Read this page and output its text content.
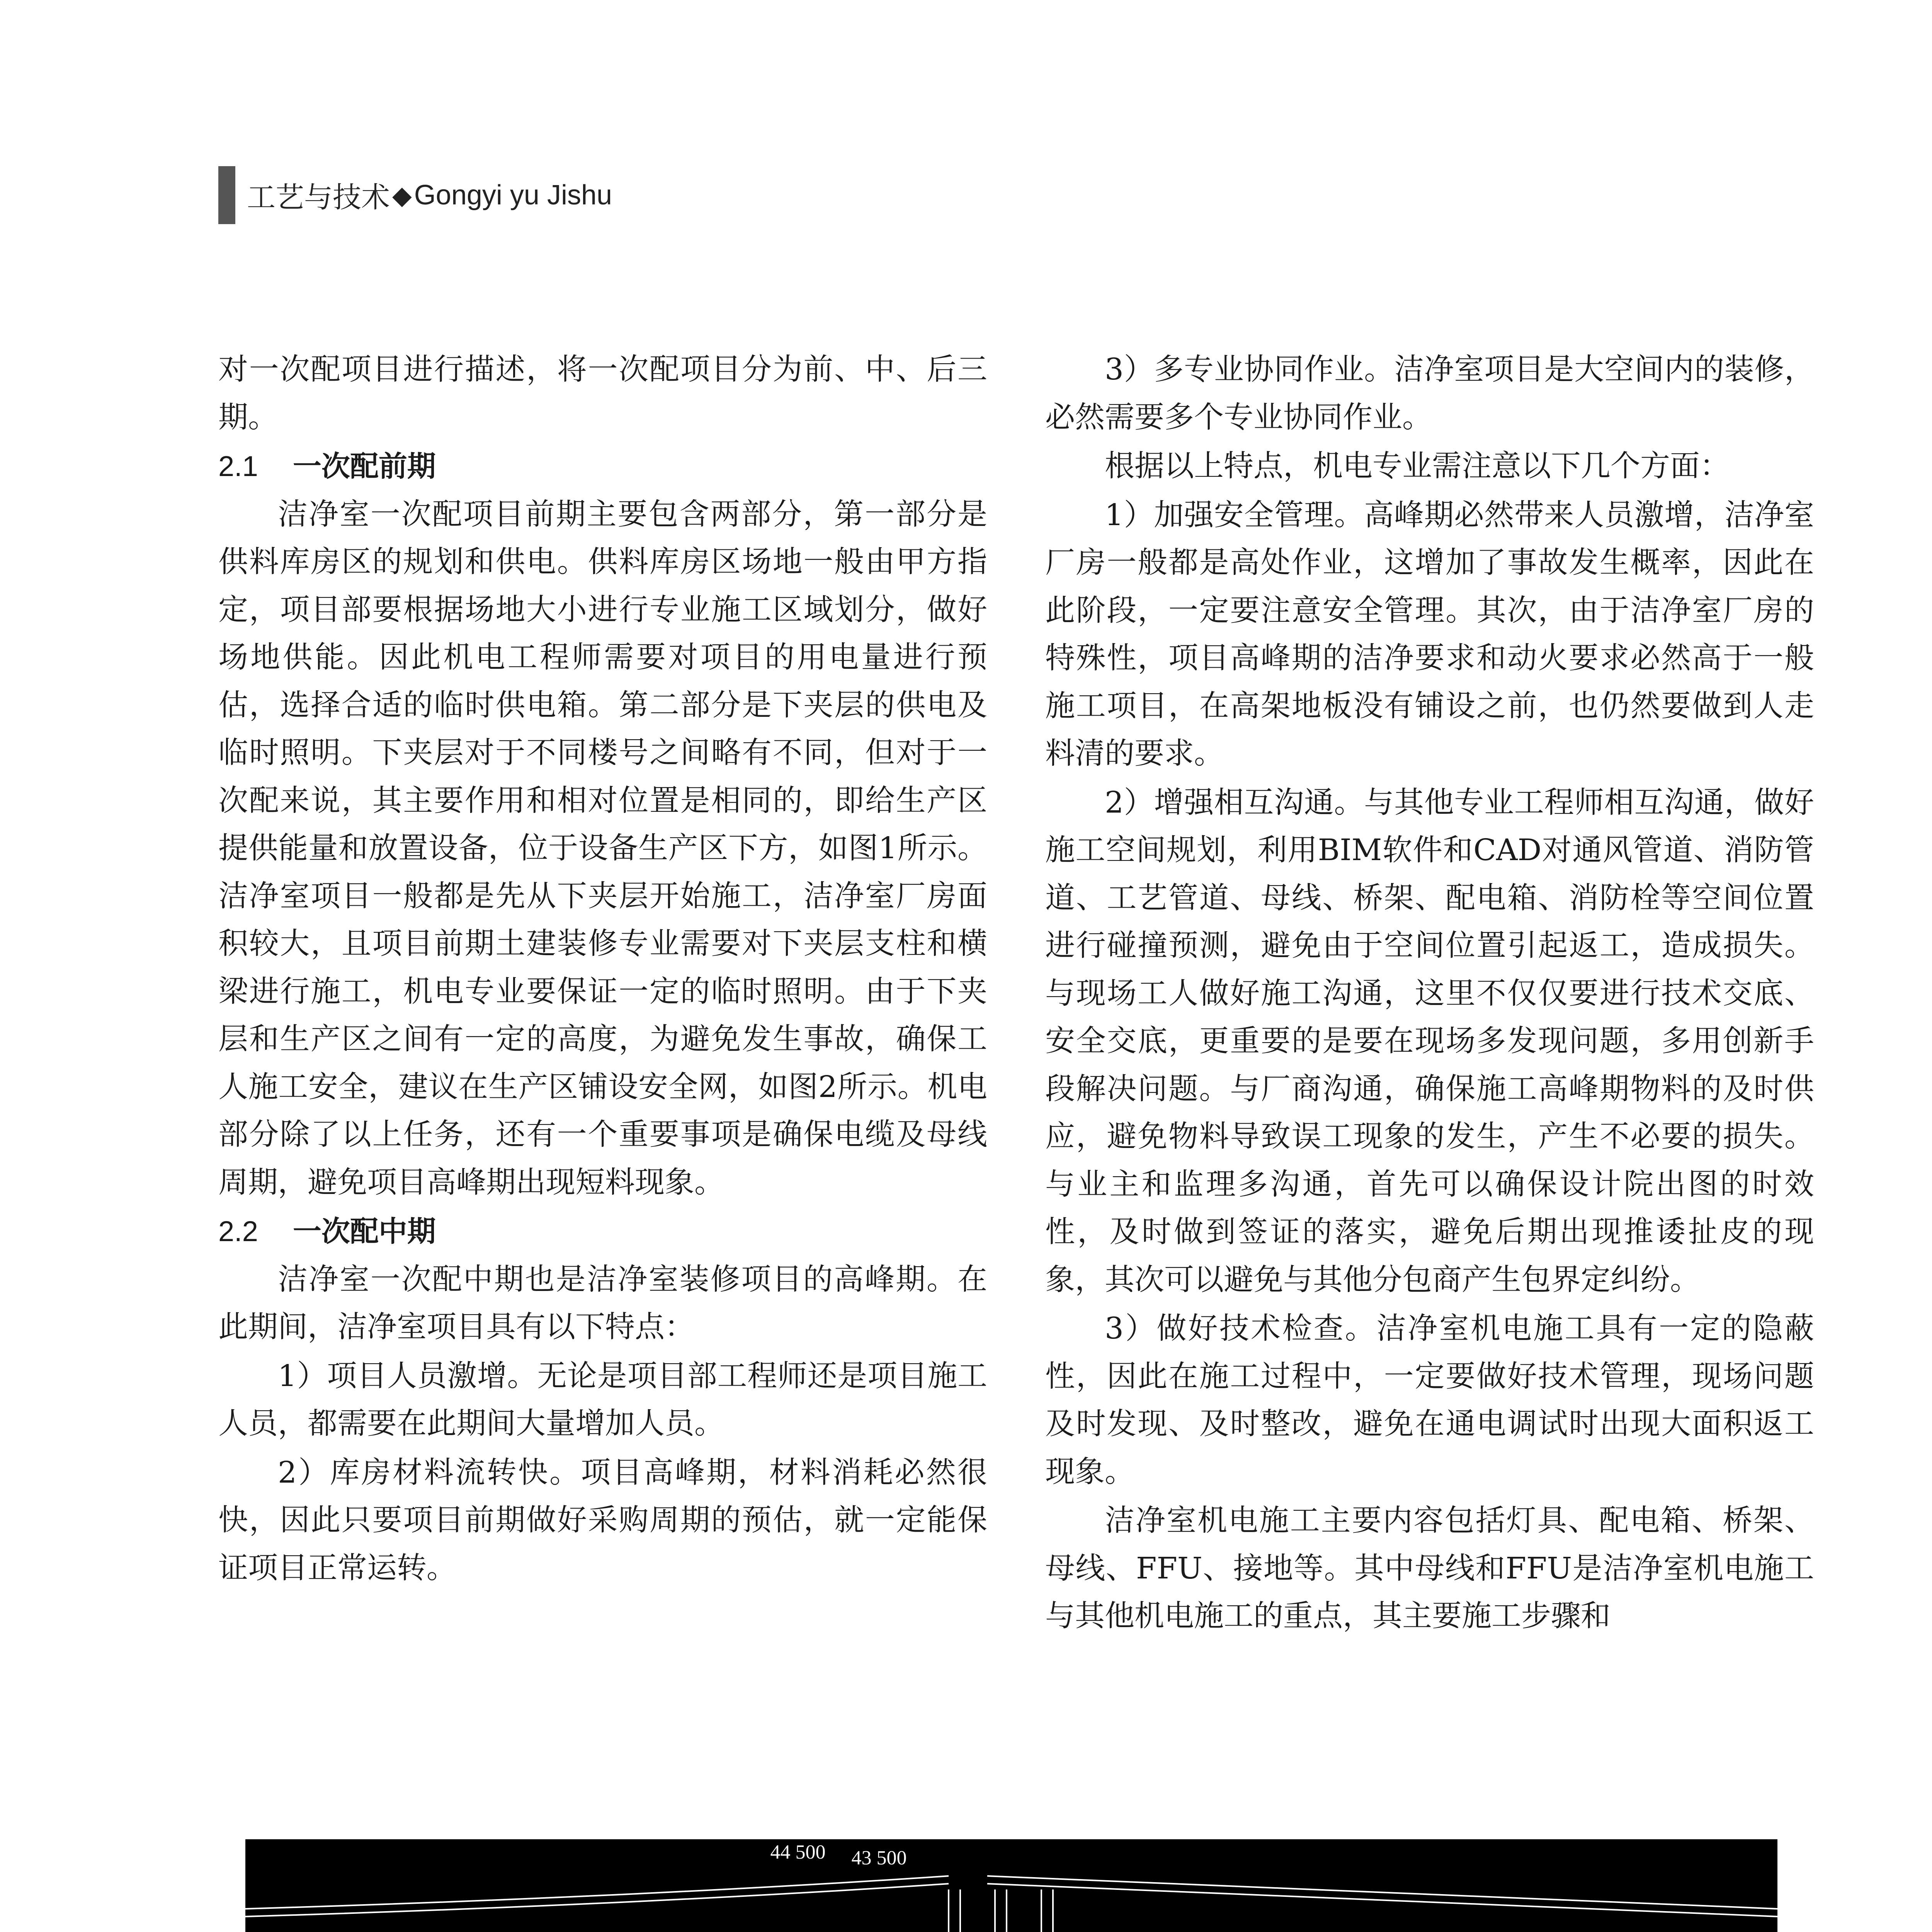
工艺与技术 ◆ Gongyi yu Jishu

对一次配项目进行描述，将一次配项目分为前、中、后三期。

2.1 一次配前期

洁净室一次配项目前期主要包含两部分，第一部分是供料库房区的规划和供电。供料库房区场地一般由甲方指定，项目部要根据场地大小进行专业施工区域划分，做好场地供能。因此机电工程师需要对项目的用电量进行预估，选择合适的临时供电箱。第二部分是下夹层的供电及临时照明。下夹层对于不同楼号之间略有不同，但对于一次配来说，其主要作用和相对位置是相同的，即给生产区提供能量和放置设备，位于设备生产区下方，如图1所示。洁净室项目一般都是先从下夹层开始施工，洁净室厂房面积较大，且项目前期土建装修专业需要对下夹层支柱和横梁进行施工，机电专业要保证一定的临时照明。由于下夹层和生产区之间有一定的高度，为避免发生事故，确保工人施工安全，建议在生产区铺设安全网，如图2所示。机电部分除了以上任务，还有一个重要事项是确保电缆及母线周期，避免项目高峰期出现短料现象。

2.2 一次配中期

洁净室一次配中期也是洁净室装修项目的高峰期。在此期间，洁净室项目具有以下特点：

1）项目人员激增。无论是项目部工程师还是项目施工人员，都需要在此期间大量增加人员。

2）库房材料流转快。项目高峰期，材料消耗必然很快，因此只要项目前期做好采购周期的预估，就一定能保证项目正常运转。

3）多专业协同作业。洁净室项目是大空间内的装修，必然需要多个专业协同作业。

根据以上特点，机电专业需注意以下几个方面：

1）加强安全管理。高峰期必然带来人员激增，洁净室厂房一般都是高处作业，这增加了事故发生概率，因此在此阶段，一定要注意安全管理。其次，由于洁净室厂房的特殊性，项目高峰期的洁净要求和动火要求必然高于一般施工项目，在高架地板没有铺设之前，也仍然要做到人走料清的要求。

2）增强相互沟通。与其他专业工程师相互沟通，做好施工空间规划，利用BIM软件和CAD对通风管道、消防管道、工艺管道、母线、桥架、配电箱、消防栓等空间位置进行碰撞预测，避免由于空间位置引起返工，造成损失。与现场工人做好施工沟通，这里不仅仅要进行技术交底、安全交底，更重要的是要在现场多发现问题，多用创新手段解决问题。与厂商沟通，确保施工高峰期物料的及时供应，避免物料导致误工现象的发生，产生不必要的损失。与业主和监理多沟通，首先可以确保设计院出图的时效性，及时做到签证的落实，避免后期出现推诿扯皮的现象，其次可以避免与其他分包商产生包界定纠纷。

3）做好技术检查。洁净室机电施工具有一定的隐蔽性，因此在施工过程中，一定要做好技术管理，现场问题及时发现、及时整改，避免在通电调试时出现大面积返工现象。

洁净室机电施工主要内容包括灯具、配电箱、桥架、母线、FFU、接地等。其中母线和FFU是洁净室机电施工与其他机电施工的重点，其主要施工步骤和

44 500 43 500
